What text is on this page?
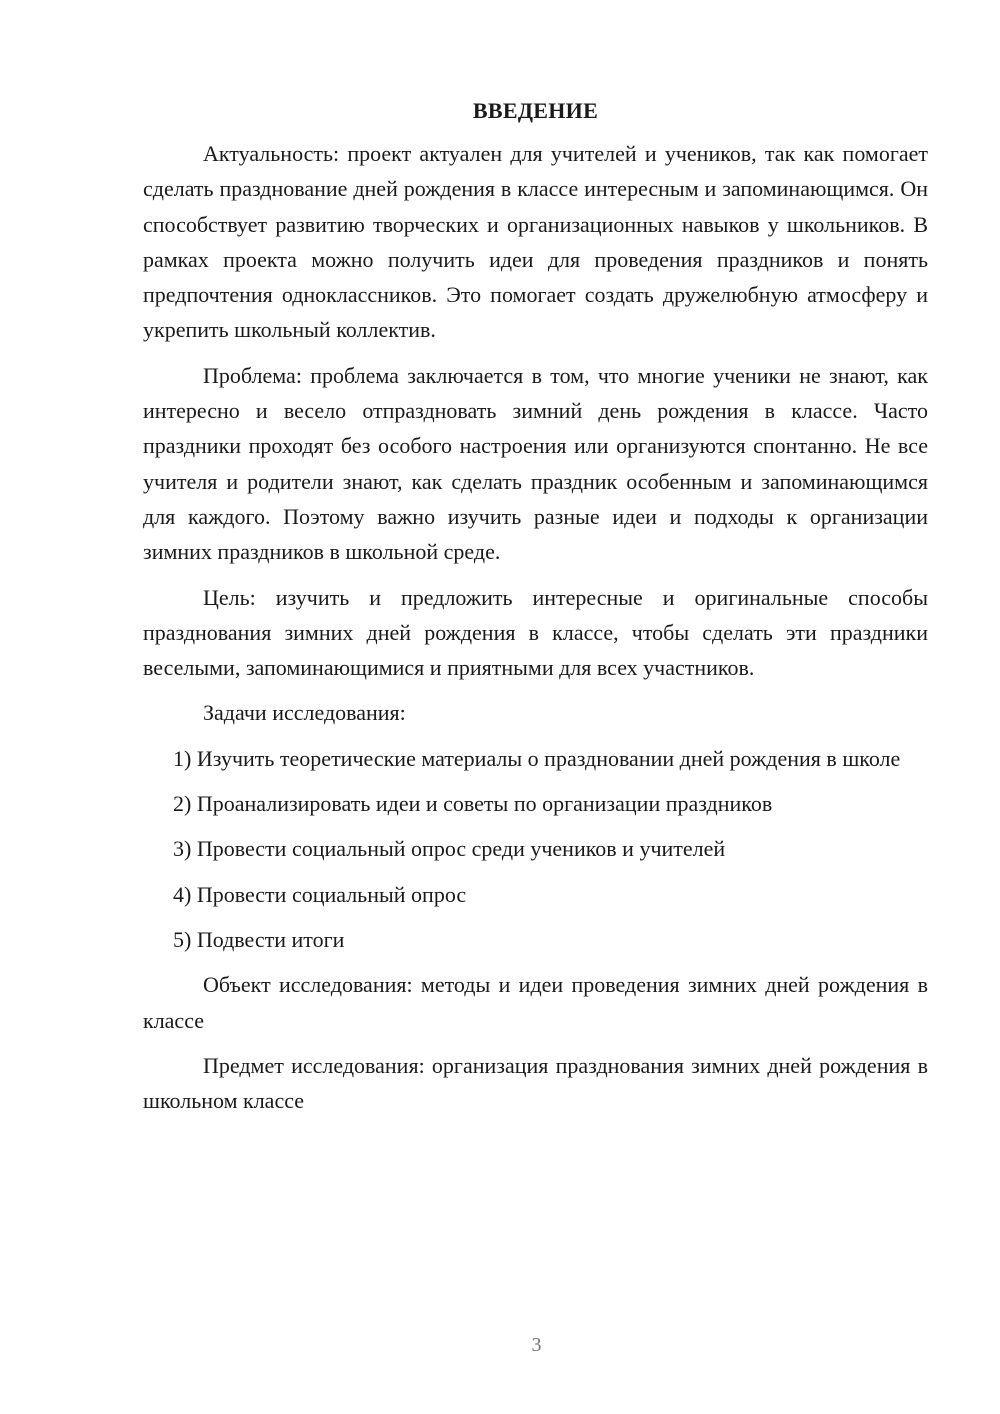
ВВЕДЕНИЕ

Актуальность: проект актуален для учителей и учеников, так как помогает сделать празднование дней рождения в классе интересным и запоминающимся. Он способствует развитию творческих и организационных навыков у школьников. В рамках проекта можно получить идеи для проведения праздников и понять предпочтения одноклассников. Это помогает создать дружелюбную атмосферу и укрепить школьный коллектив.

Проблема: проблема заключается в том, что многие ученики не знают, как интересно и весело отпраздновать зимний день рождения в классе. Часто праздники проходят без особого настроения или организуются спонтанно. Не все учителя и родители знают, как сделать праздник особенным и запоминающимся для каждого. Поэтому важно изучить разные идеи и подходы к организации зимних праздников в школьной среде.

Цель: изучить и предложить интересные и оригинальные способы празднования зимних дней рождения в классе, чтобы сделать эти праздники веселыми, запоминающимися и приятными для всех участников.

Задачи исследования:

1) Изучить теоретические материалы о праздновании дней рождения в школе

2) Проанализировать идеи и советы по организации праздников

3) Провести социальный опрос среди учеников и учителей

4) Провести социальный опрос

5) Подвести итоги

Объект исследования: методы и идеи проведения зимних дней рождения в классе

Предмет исследования: организация празднования зимних дней рождения в школьном классе

3
